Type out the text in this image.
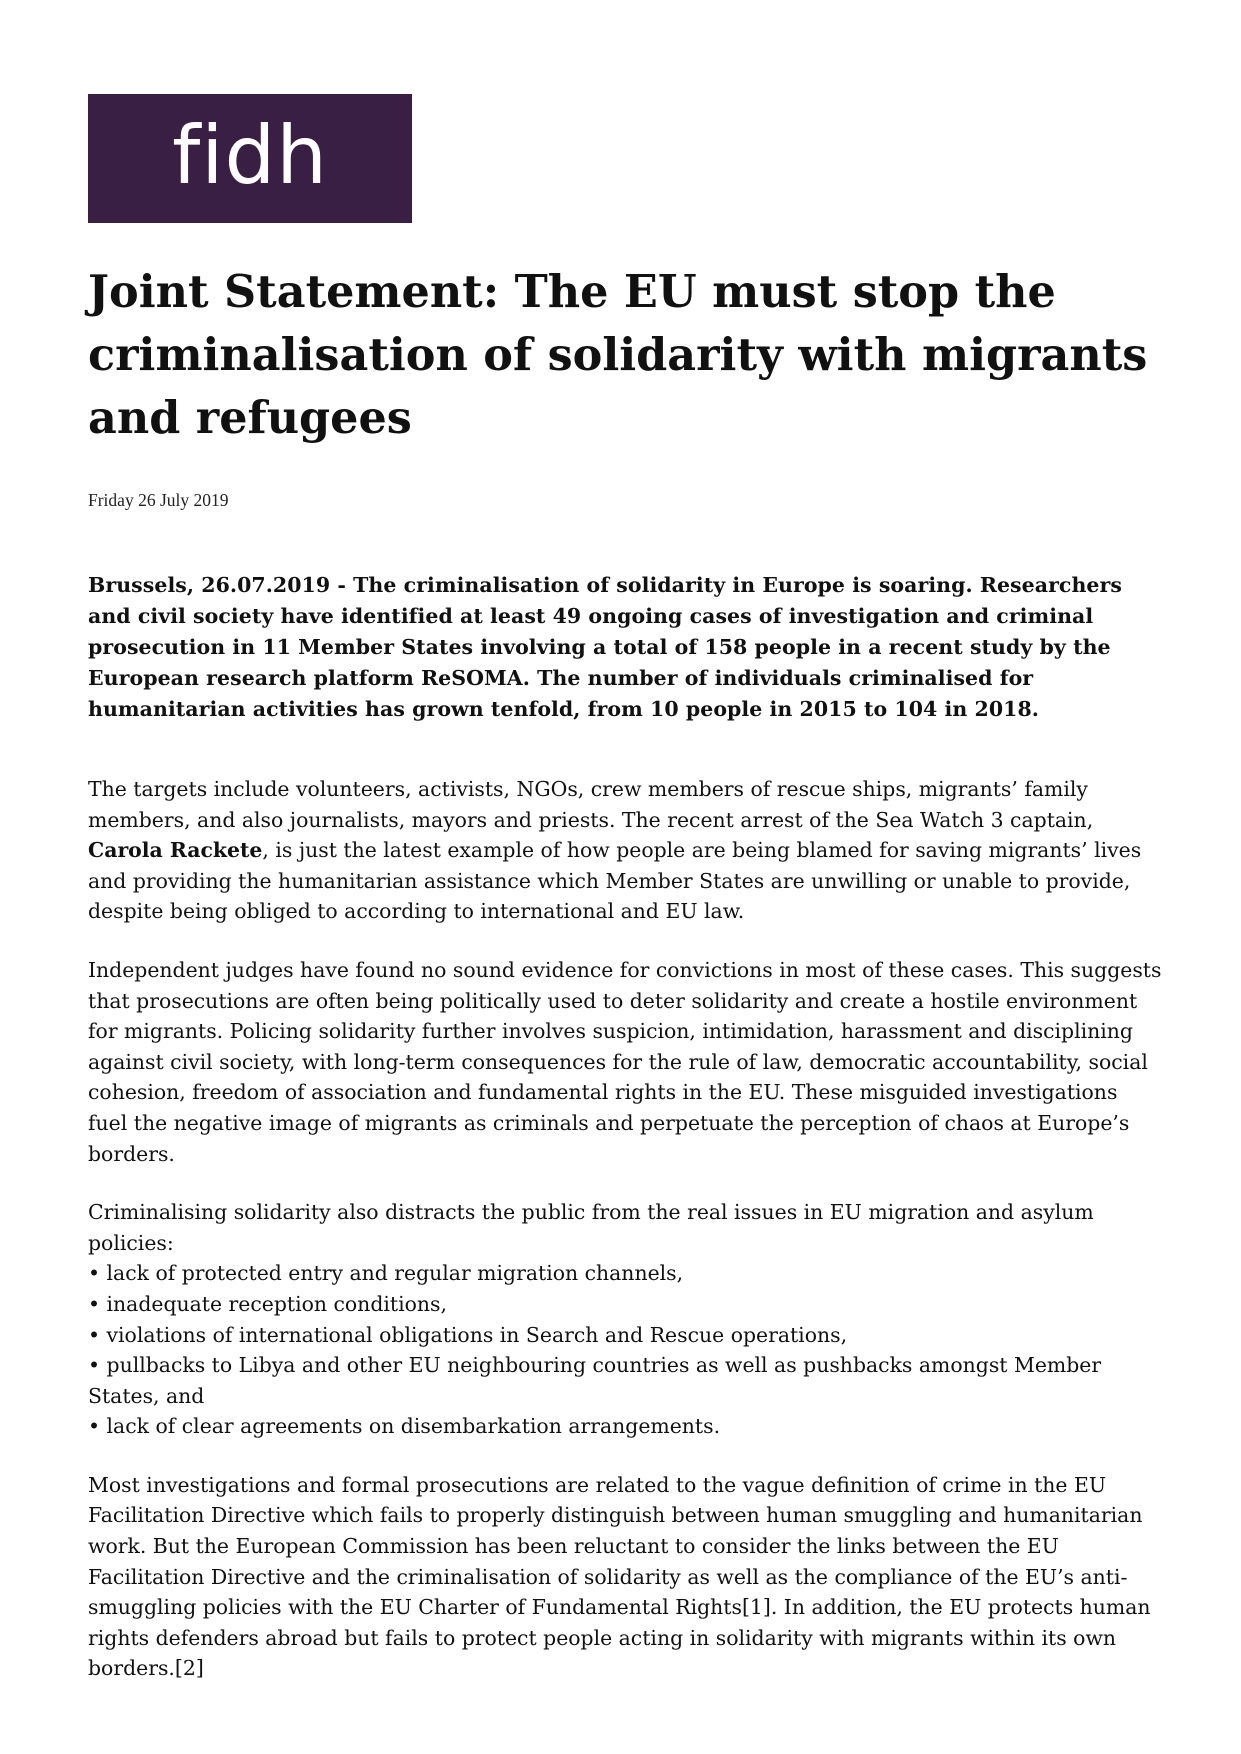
fidh
Joint Statement: The EU must stop the criminalisation of solidarity with migrants and refugees
Friday 26 July 2019
Brussels, 26.07.2019 - The criminalisation of solidarity in Europe is soaring. Researchers and civil society have identified at least 49 ongoing cases of investigation and criminal prosecution in 11 Member States involving a total of 158 people in a recent study by the European research platform ReSOMA. The number of individuals criminalised for humanitarian activities has grown tenfold, from 10 people in 2015 to 104 in 2018.
The targets include volunteers, activists, NGOs, crew members of rescue ships, migrants’ family members, and also journalists, mayors and priests. The recent arrest of the Sea Watch 3 captain, Carola Rackete, is just the latest example of how people are being blamed for saving migrants’ lives and providing the humanitarian assistance which Member States are unwilling or unable to provide, despite being obliged to according to international and EU law.
Independent judges have found no sound evidence for convictions in most of these cases. This suggests that prosecutions are often being politically used to deter solidarity and create a hostile environment for migrants. Policing solidarity further involves suspicion, intimidation, harassment and disciplining against civil society, with long-term consequences for the rule of law, democratic accountability, social cohesion, freedom of association and fundamental rights in the EU. These misguided investigations fuel the negative image of migrants as criminals and perpetuate the perception of chaos at Europe’s borders.
Criminalising solidarity also distracts the public from the real issues in EU migration and asylum policies:
• lack of protected entry and regular migration channels,
• inadequate reception conditions,
• violations of international obligations in Search and Rescue operations,
• pullbacks to Libya and other EU neighbouring countries as well as pushbacks amongst Member States, and
• lack of clear agreements on disembarkation arrangements.
Most investigations and formal prosecutions are related to the vague definition of crime in the EU Facilitation Directive which fails to properly distinguish between human smuggling and humanitarian work. But the European Commission has been reluctant to consider the links between the EU Facilitation Directive and the criminalisation of solidarity as well as the compliance of the EU’s anti-smuggling policies with the EU Charter of Fundamental Rights[1]. In addition, the EU protects human rights defenders abroad but fails to protect people acting in solidarity with migrants within its own borders.[2]
